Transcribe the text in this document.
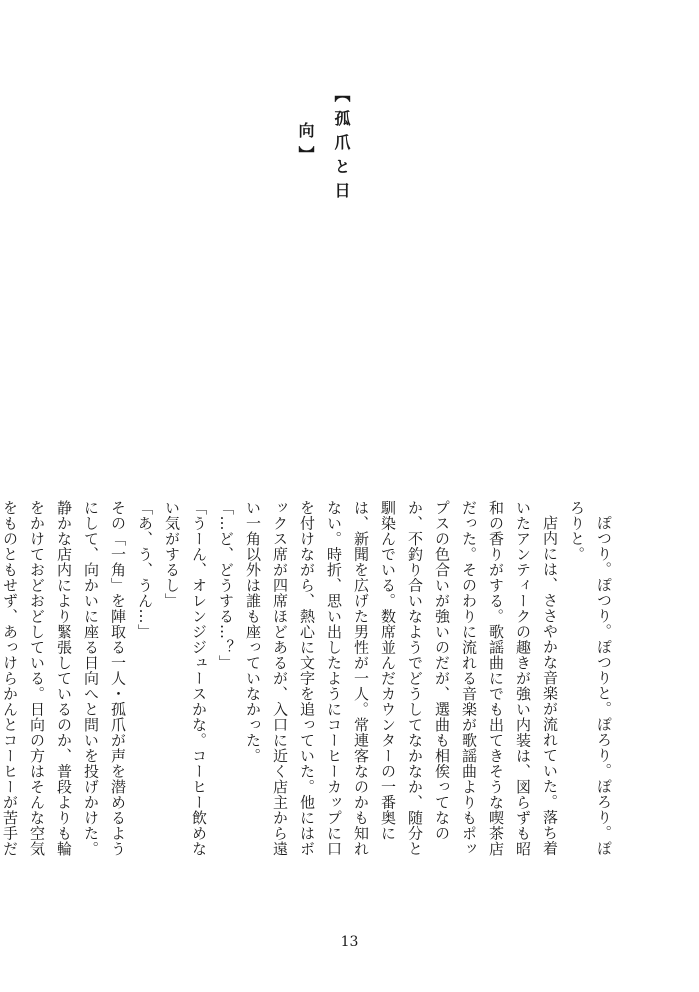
【孤爪と日向】

ぽつり。ぽつり。ぽつりと。ぽろり。ぽろり。ぽろりと。

店内には、ささやかな音楽が流れていた。落ち着いたアンティークの趣きが強い内装は、図らずも昭和の香りがする。歌謡曲にでも出てきそうな喫茶店だった。そのわりに流れる音楽が歌謡曲よりもポップスの色合いが強いのだが、選曲も相俟ってなのか、不釣り合いなようでどうしてなかなか、随分と馴染んでいる。数席並んだカウンターの一番奥には、新聞を広げた男性が一人。常連客なのかも知れない。時折、思い出したようにコーヒーカップに口を付けながら、熱心に文字を追っていた。他にはボックス席が四席ほどあるが、入口に近く店主から遠い一角以外は誰も座っていなかった。

「…ど、どうする…？」

「うーん、オレンジジュースかな。コーヒー飲めない気がするし」

「あ、う、うん…」

その「一角」を陣取る一人・孤爪が声を潜めるようにして、向かいに座る日向へと問いを投げかけた。静かな店内により緊張しているのか、普段よりも輪をかけておどおどしている。日向の方はそんな空気をものともせず、あっけらかんとコーヒーが苦手だ

13
